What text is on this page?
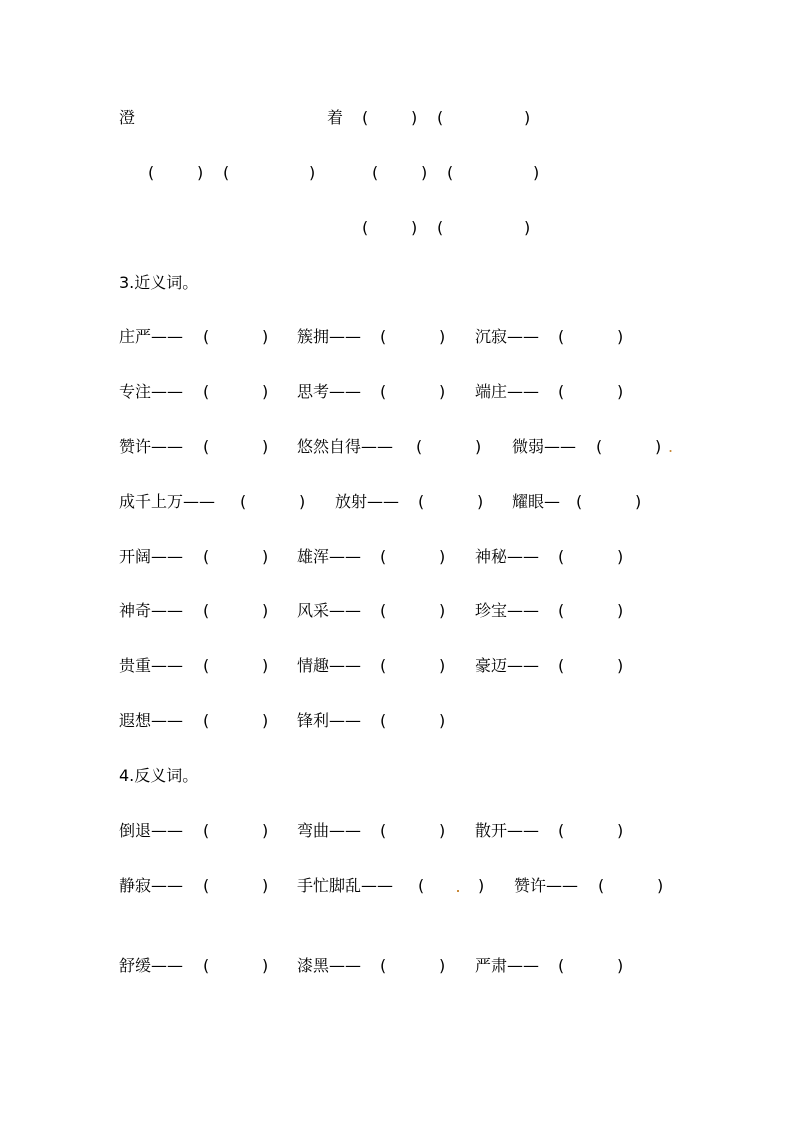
澄	着 (	) (	)
(	) (	)	(	) (	)
(	) (	)
3.近义词。
庄严—— (	) 簇拥—— (	) 沉寂—— (	)
专注—— (	) 思考—— (	) 端庄—— (	)
赞许—— (	) 悠然自得—— (	) 微弱—— (	) .
成千上万—— (	) 放射—— (	) 耀眼— (	)
开阔—— (	) 雄浑—— (	) 神秘—— (	)
神奇—— (	) 风采—— (	) 珍宝—— (	)
贵重—— (	) 情趣—— (	) 豪迈—— (	)
遐想—— (	) 锋利—— (	)
4.反义词。
倒退—— (	) 弯曲—— (	) 散开—— (	)
静寂—— (	) 手忙脚乱—— (	) 赞许—— (	)
舒缓—— (	) 漆黑—— (	) 严肃—— (	)
